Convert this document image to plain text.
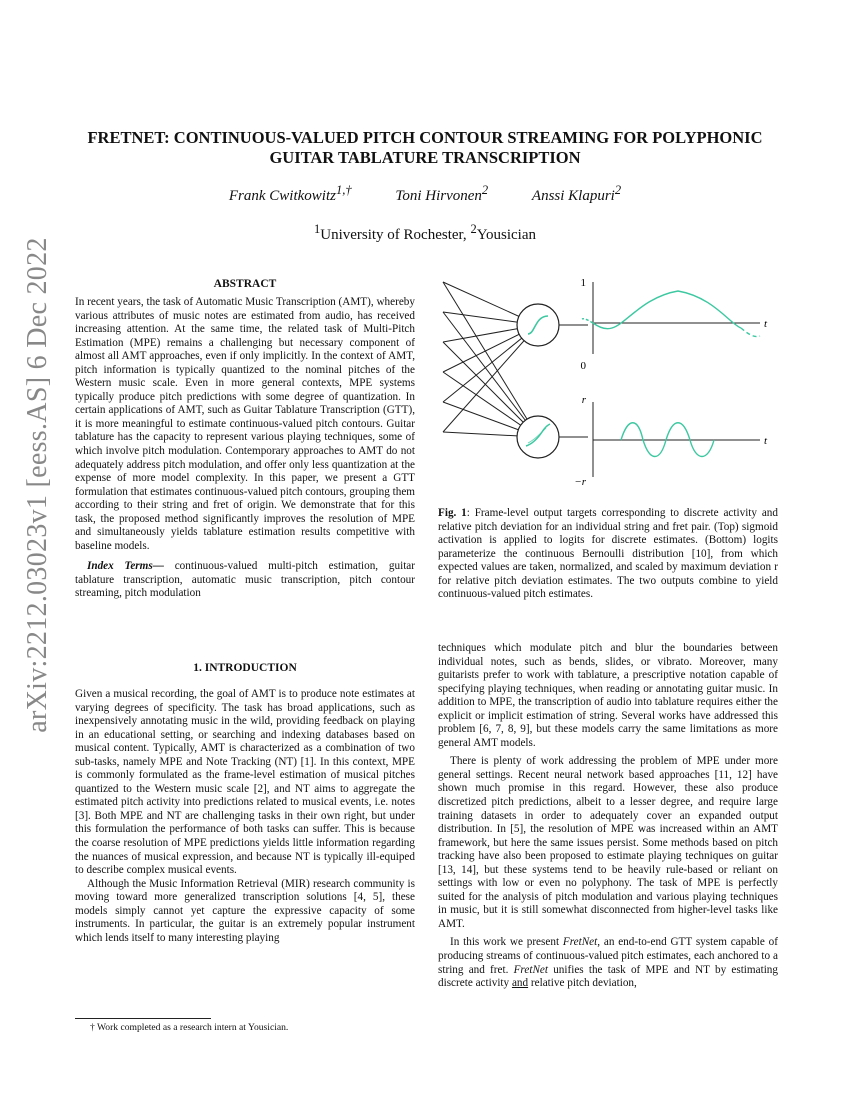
arXiv:2212.03023v1 [eess.AS] 6 Dec 2022
FRETNET: CONTINUOUS-VALUED PITCH CONTOUR STREAMING FOR POLYPHONIC
GUITAR TABLATURE TRANSCRIPTION
Frank Cwitkowitz$^{1,\dagger}$	Toni Hirvonen$^2$	Anssi Klapuri$^2$
$^1$University of Rochester, $^2$Yousician
ABSTRACT

In recent years, the task of Automatic Music Transcription (AMT), whereby various attributes of music notes are estimated from audio, has received increasing attention. At the same time, the related task of Multi-Pitch Estimation (MPE) remains a challenging but necessary component of almost all AMT approaches, even if only implicitly. In the context of AMT, pitch information is typically quantized to the nominal pitches of the Western music scale. Even in more general contexts, MPE systems typically produce pitch predictions with some degree of quantization. In certain applications of AMT, such as Guitar Tablature Transcription (GTT), it is more meaningful to estimate continuous-valued pitch contours. Guitar tablature has the capacity to represent various playing techniques, some of which involve pitch modulation. Contemporary approaches to AMT do not adequately address pitch modulation, and offer only less quantization at the expense of more model complexity. In this paper, we present a GTT formulation that estimates continuous-valued pitch contours, grouping them according to their string and fret of origin. We demonstrate that for this task, the proposed method significantly improves the resolution of MPE and simultaneously yields tablature estimation results competitive with baseline models.

Index Terms— continuous-valued multi-pitch estimation, guitar tablature transcription, automatic music transcription, pitch contour streaming, pitch modulation

1. INTRODUCTION

Given a musical recording, the goal of AMT is to produce note estimates at varying degrees of specificity. The task has broad applications, such as inexpensively annotating music in the wild, providing feedback on playing in an educational setting, or searching and indexing databases based on musical content. Typically, AMT is characterized as a combination of two sub-tasks, namely MPE and Note Tracking (NT) [1]. In this context, MPE is commonly formulated as the frame-level estimation of musical pitches quantized to the Western music scale [2], and NT aims to aggregate the estimated pitch activity into predictions related to musical events, i.e. notes [3]. Both MPE and NT are challenging tasks in their own right, but under this formulation the performance of both tasks can suffer. This is because the coarse resolution of MPE predictions yields little information regarding the nuances of musical expression, and because NT is typically ill-equiped to describe complex musical events.

Although the Music Information Retrieval (MIR) research community is moving toward more generalized transcription solutions [4, 5], these models simply cannot yet capture the expressive capacity of some instruments. In particular, the guitar is an extremely popular instrument which lends itself to many interesting playing

† Work completed as a research intern at Yousician.
1
0
t
r
−r
t

Fig. 1: Frame-level output targets corresponding to discrete activity and relative pitch deviation for an individual string and fret pair. (Top) sigmoid activation is applied to logits for discrete estimates. (Bottom) logits parameterize the continuous Bernoulli distribution [10], from which expected values are taken, normalized, and scaled by maximum deviation r for relative pitch deviation estimates. The two outputs combine to yield continuous-valued pitch estimates.

techniques which modulate pitch and blur the boundaries between individual notes, such as bends, slides, or vibrato. Moreover, many guitarists prefer to work with tablature, a prescriptive notation capable of specifying playing techniques, when reading or annotating guitar music. In addition to MPE, the transcription of audio into tablature requires either the explicit or implicit estimation of string. Several works have addressed this problem [6, 7, 8, 9], but these models carry the same limitations as more general AMT models.

There is plenty of work addressing the problem of MPE under more general settings. Recent neural network based approaches [11, 12] have shown much promise in this regard. However, these also produce discretized pitch predictions, albeit to a lesser degree, and require large training datasets in order to adequately cover an expanded output distribution. In [5], the resolution of MPE was increased within an AMT framework, but here the same issues persist. Some methods based on pitch tracking have also been proposed to estimate playing techniques on guitar [13, 14], but these systems tend to be heavily rule-based or reliant on settings with low or even no polyphony. The task of MPE is perfectly suited for the analysis of pitch modulation and various playing techniques in music, but it is still somewhat disconnected from higher-level tasks like AMT.

In this work we present FretNet, an end-to-end GTT system capable of producing streams of continuous-valued pitch estimates, each anchored to a string and fret. FretNet unifies the task of MPE and NT by estimating discrete activity and relative pitch deviation,
